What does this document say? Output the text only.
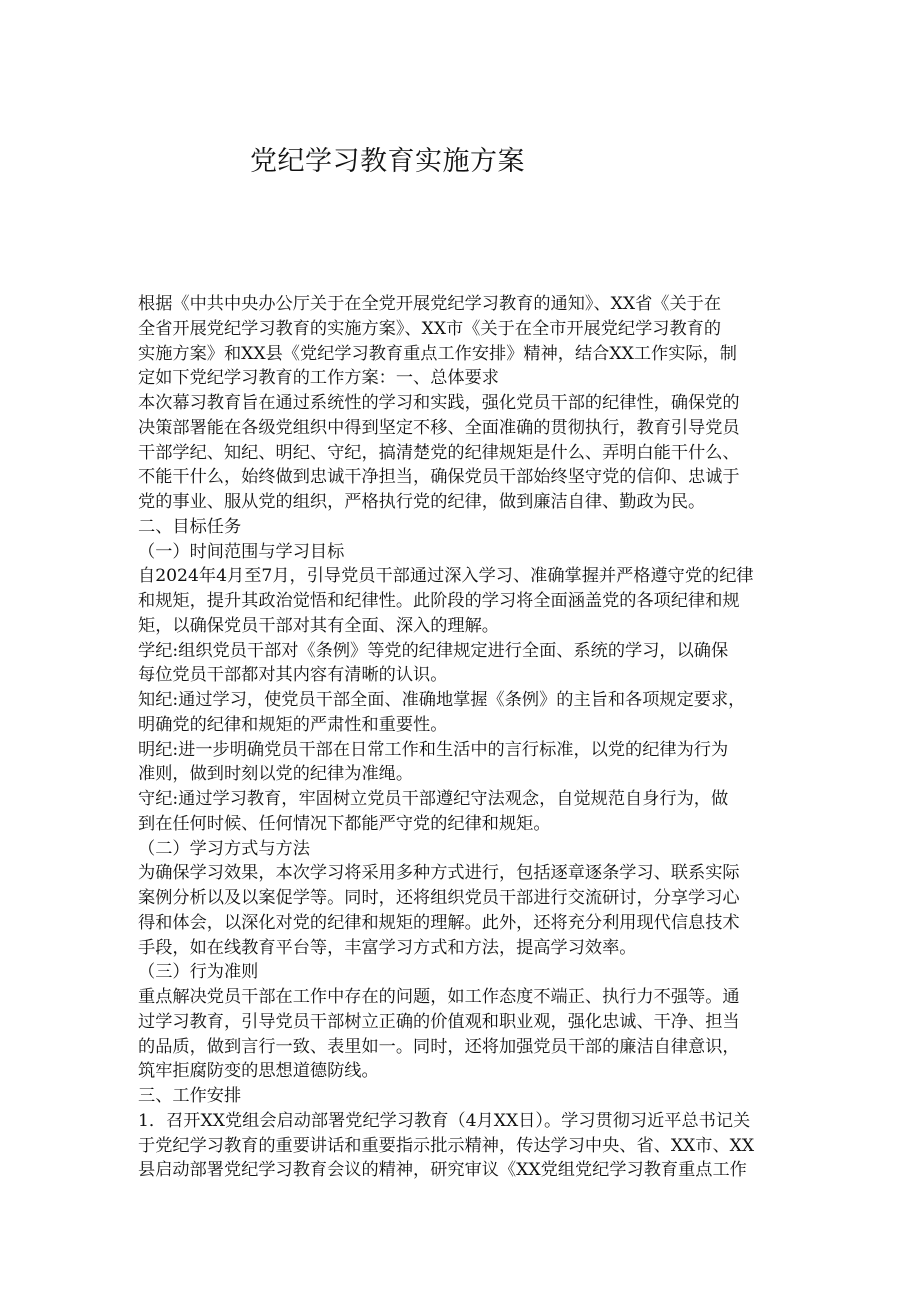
党纪学习教育实施方案
根据《中共中央办公厅关于在全党开展党纪学习教育的通知》、XX省《关于在
全省开展党纪学习教育的实施方案》、XX市《关于在全市开展党纪学习教育的
实施方案》和XX县《党纪学习教育重点工作安排》精神，结合XX工作实际，制
定如下党纪学习教育的工作方案：一、总体要求
本次幕习教育旨在通过系统性的学习和实践，强化党员干部的纪律性，确保党的
决策部署能在各级党组织中得到坚定不移、全面准确的贯彻执行，教育引导党员
干部学纪、知纪、明纪、守纪，搞清楚党的纪律规矩是什么、弄明白能干什么、
不能干什么，始终做到忠诚干净担当，确保党员干部始终坚守党的信仰、忠诚于
党的事业、服从党的组织，严格执行党的纪律，做到廉洁自律、勤政为民。
二、目标任务
（一）时间范围与学习目标
自2024年4月至7月，引导党员干部通过深入学习、准确掌握并严格遵守党的纪律
和规矩，提升其政治觉悟和纪律性。此阶段的学习将全面涵盖党的各项纪律和规
矩，以确保党员干部对其有全面、深入的理解。
学纪:组织党员干部对《条例》等党的纪律规定进行全面、系统的学习，以确保
每位党员干部都对其内容有清晰的认识。
知纪:通过学习，使党员干部全面、准确地掌握《条例》的主旨和各项规定要求，
明确党的纪律和规矩的严肃性和重要性。
明纪:进一步明确党员干部在日常工作和生活中的言行标准，以党的纪律为行为
准则，做到时刻以党的纪律为准绳。
守纪:通过学习教育，牢固树立党员干部遵纪守法观念，自觉规范自身行为，做
到在任何时候、任何情况下都能严守党的纪律和规矩。
（二）学习方式与方法
为确保学习效果，本次学习将采用多种方式进行，包括逐章逐条学习、联系实际
案例分析以及以案促学等。同时，还将组织党员干部进行交流研讨，分享学习心
得和体会，以深化对党的纪律和规矩的理解。此外，还将充分利用现代信息技术
手段，如在线教育平台等，丰富学习方式和方法，提高学习效率。
（三）行为准则
重点解决党员干部在工作中存在的问题，如工作态度不端正、执行力不强等。通
过学习教育，引导党员干部树立正确的价值观和职业观，强化忠诚、干净、担当
的品质，做到言行一致、表里如一。同时，还将加强党员干部的廉洁自律意识，
筑牢拒腐防变的思想道德防线。
三、工作安排
1．召开XX党组会启动部署党纪学习教育（4月XX日）。学习贯彻习近平总书记关
于党纪学习教育的重要讲话和重要指示批示精神，传达学习中央、省、XX市、XX
县启动部署党纪学习教育会议的精神，研究审议《XX党组党纪学习教育重点工作
